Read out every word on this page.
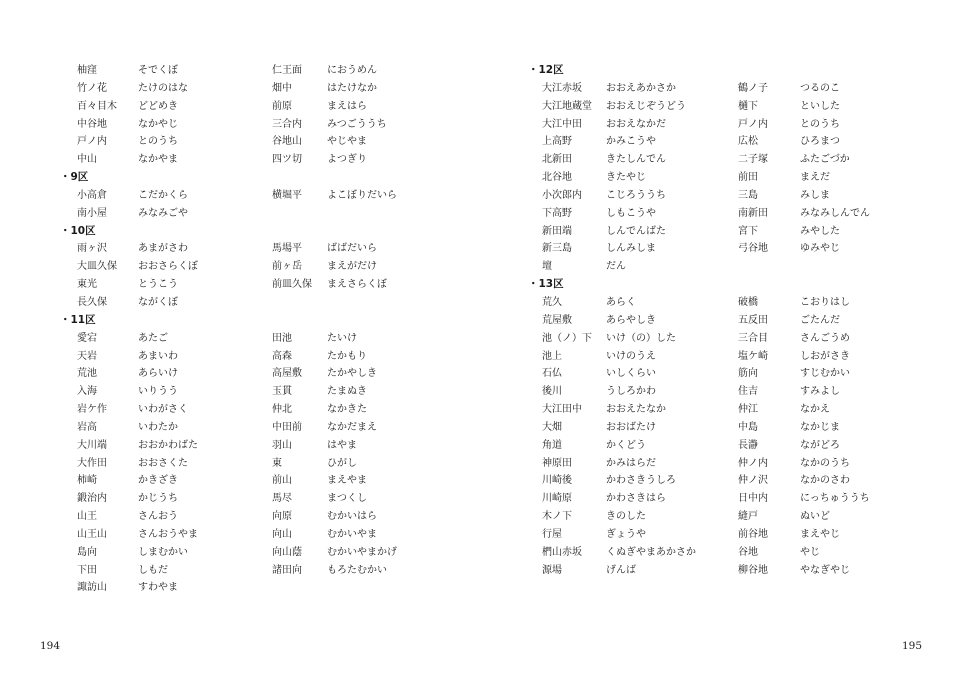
柚窪	そでくぼ	仁王面	におうめん
竹ノ花	たけのはな	畑中	はたけなか
百々目木 どどめき	前原	まえはら
中谷地	なかやじ	三合内	みつごううち
戸ノ内	とのうち	谷地山	やじやま
中山	なかやま	四ツ切	よつぎり
・9区
小高倉	こだかくら	横堀平	よこぼりだいら
南小屋	みなみごや
・10区
雨ヶ沢	あまがさわ	馬場平	ばばだいら
大皿久保 おおさらくぼ	前ヶ岳	まえがだけ
東光	とうこう	前皿久保 まえさらくぼ
長久保	ながくぼ
・11区
愛宕	あたご	田池	たいけ
天岩	あまいわ	高森	たかもり
荒池	あらいけ	高屋敷	たかやしき
入海	いりうう	玉貫	たまぬき
岩ケ作	いわがさく	仲北	なかきた
岩高	いわたか	中田前	なかだまえ
大川端	おおかわばた	羽山	はやま
大作田	おおさくた	東	ひがし
柿崎	かきざき	前山	まえやま
鍛治内	かじうち	馬尽	まつくし
山王	さんおう	向原	むかいはら
山王山	さんおうやま	向山	むかいやま
島向	しまむかい	向山蔭	むかいやまかげ
下田	しもだ	諸田向	もろたむかい
諏訪山	すわやま
・12区
大江赤坂 おおえあかさか	鶴ノ子	つるのこ
大江地蔵堂 おおえじぞうどう	樋下	といした
大江中田 おおえなかだ	戸ノ内	とのうち
上高野	かみこうや	広松	ひろまつ
北新田	きたしんでん	二子塚	ふたごづか
北谷地	きたやじ	前田	まえだ
小次郎内 こじろううち	三島	みしま
下高野	しもこうや	南新田	みなみしんでん
新田端	しんでんばた	宮下	みやした
新三島	しんみしま	弓谷地	ゆみやじ
壇	だん
・13区
荒久	あらく	破橋	こおりはし
荒屋敷	あらやしき	五反田	ごたんだ
池（ノ）下 いけ（の）した	三合目	さんごうめ
池上	いけのうえ	塩ケ崎	しおがさき
石仏	いしくらい	筋向	すじむかい
後川	うしろかわ	住吉	すみよし
大江田中 おおえたなか	仲江	なかえ
大畑	おおばたけ	中島	なかじま
角道	かくどう	長瀞	ながどろ
神原田	かみはらだ	仲ノ内	なかのうち
川崎後	かわさきうしろ	仲ノ沢	なかのさわ
川崎原	かわさきはら	日中内	にっちゅううち
木ノ下	きのした	縫戸	ぬいど
行屋	ぎょうや	前谷地	まえやじ
椚山赤坂 くぬぎやまあかさか	谷地	やじ
源場	げんば	柳谷地	やなぎやじ
194	195
